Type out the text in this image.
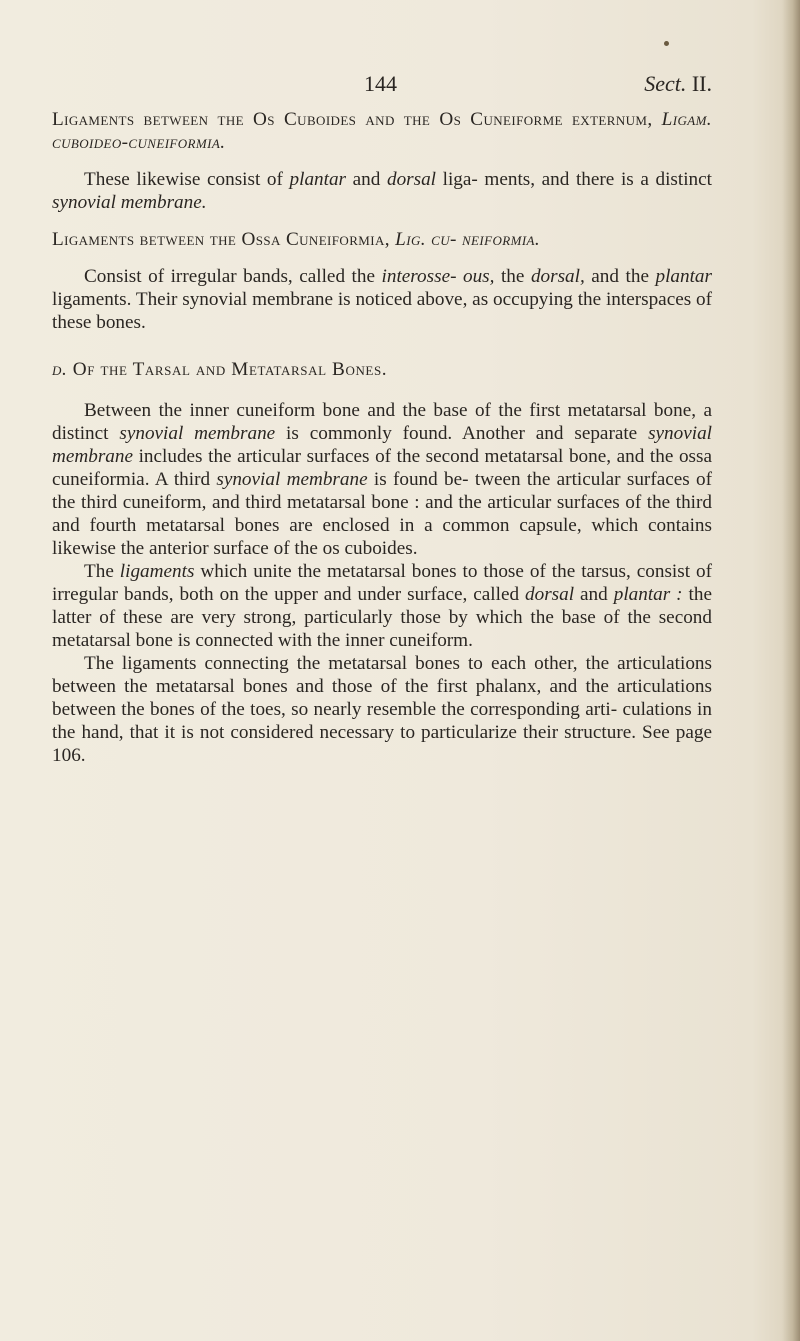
144	Sect. II.

Ligaments between the Os Cuboides and the Os Cuneiforme externum, Ligam. cuboideo-cuneiformia.

These likewise consist of plantar and dorsal liga- ments, and there is a distinct synovial membrane.

Ligaments between the Ossa Cuneiformia, Lig. cu- neiformia.

Consist of irregular bands, called the interosse- ous, the dorsal, and the plantar ligaments. Their synovial membrane is noticed above, as occupying the interspaces of these bones.

d. Of the Tarsal and Metatarsal Bones.

Between the inner cuneiform bone and the base of the first metatarsal bone, a distinct synovial membrane is commonly found. Another and separate synovial membrane includes the articular surfaces of the second metatarsal bone, and the ossa cuneiformia. A third synovial membrane is found be- tween the articular surfaces of the third cuneiform, and third metatarsal bone : and the articular surfaces of the third and fourth metatarsal bones are enclosed in a common capsule, which contains likewise the anterior surface of the os cuboides.

The ligaments which unite the metatarsal bones to those of the tarsus, consist of irregular bands, both on the upper and under surface, called dorsal and plantar : the latter of these are very strong, particularly those by which the base of the second metatarsal bone is connected with the inner cuneiform.

The ligaments connecting the metatarsal bones to each other, the articulations between the metatarsal bones and those of the first phalanx, and the articulations between the bones of the toes, so nearly resemble the corresponding arti- culations in the hand, that it is not considered necessary to particularize their structure. See page 106.
